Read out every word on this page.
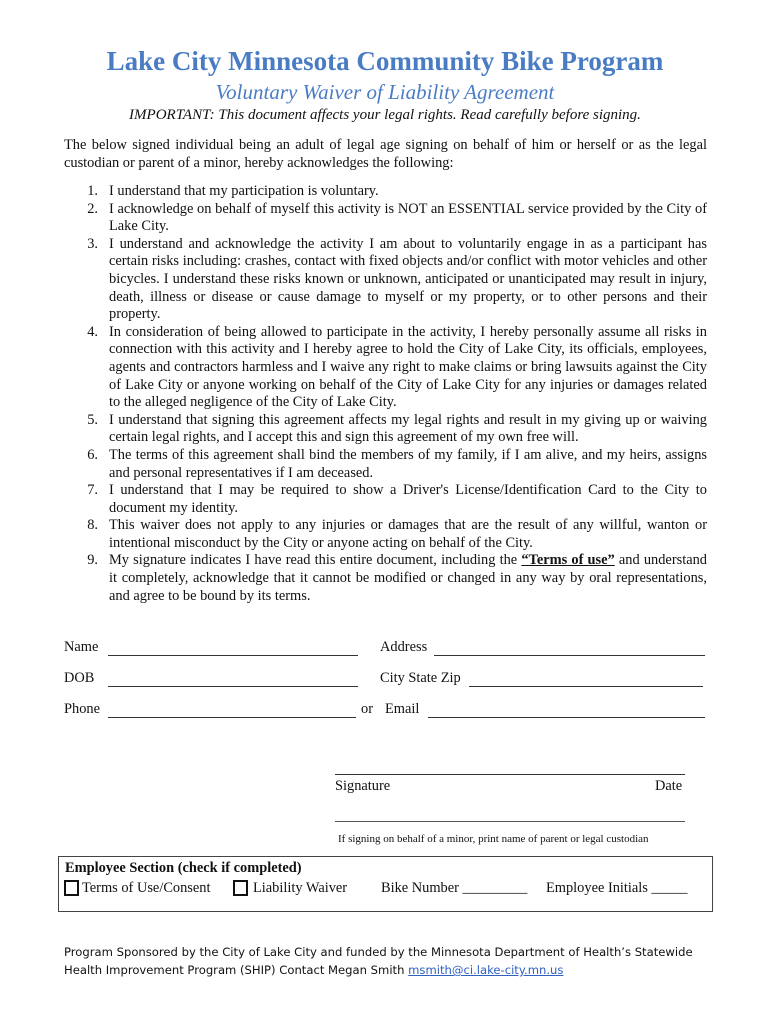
Lake City Minnesota Community Bike Program
Voluntary Waiver of Liability Agreement
IMPORTANT: This document affects your legal rights. Read carefully before signing.
The below signed individual being an adult of legal age signing on behalf of him or herself or as the legal custodian or parent of a minor, hereby acknowledges the following:
1. I understand that my participation is voluntary.
2. I acknowledge on behalf of myself this activity is NOT an ESSENTIAL service provided by the City of Lake City.
3. I understand and acknowledge the activity I am about to voluntarily engage in as a participant has certain risks including: crashes, contact with fixed objects and/or conflict with motor vehicles and other bicycles. I understand these risks known or unknown, anticipated or unanticipated may result in injury, death, illness or disease or cause damage to myself or my property, or to other persons and their property.
4. In consideration of being allowed to participate in the activity, I hereby personally assume all risks in connection with this activity and I hereby agree to hold the City of Lake City, its officials, employees, agents and contractors harmless and I waive any right to make claims or bring lawsuits against the City of Lake City or anyone working on behalf of the City of Lake City for any injuries or damages related to the alleged negligence of the City of Lake City.
5. I understand that signing this agreement affects my legal rights and result in my giving up or waiving certain legal rights, and I accept this and sign this agreement of my own free will.
6. The terms of this agreement shall bind the members of my family, if I am alive, and my heirs, assigns and personal representatives if I am deceased.
7. I understand that I may be required to show a Driver's License/Identification Card to the City to document my identity.
8. This waiver does not apply to any injuries or damages that are the result of any willful, wanton or intentional misconduct by the City or anyone acting on behalf of the City.
9. My signature indicates I have read this entire document, including the “Terms of use” and understand it completely, acknowledge that it cannot be modified or changed in any way by oral representations, and agree to be bound by its terms.
Name	Address
DOB	City State Zip
Phone	or Email
Signature	Date
If signing on behalf of a minor, print name of parent or legal custodian
Employee Section (check if completed)
Terms of Use/Consent	Liability Waiver Bike Number _________ Employee Initials _____
Program Sponsored by the City of Lake City and funded by the Minnesota Department of Health’s Statewide
Health Improvement Program (SHIP) Contact Megan Smith msmith@ci.lake-city.mn.us
